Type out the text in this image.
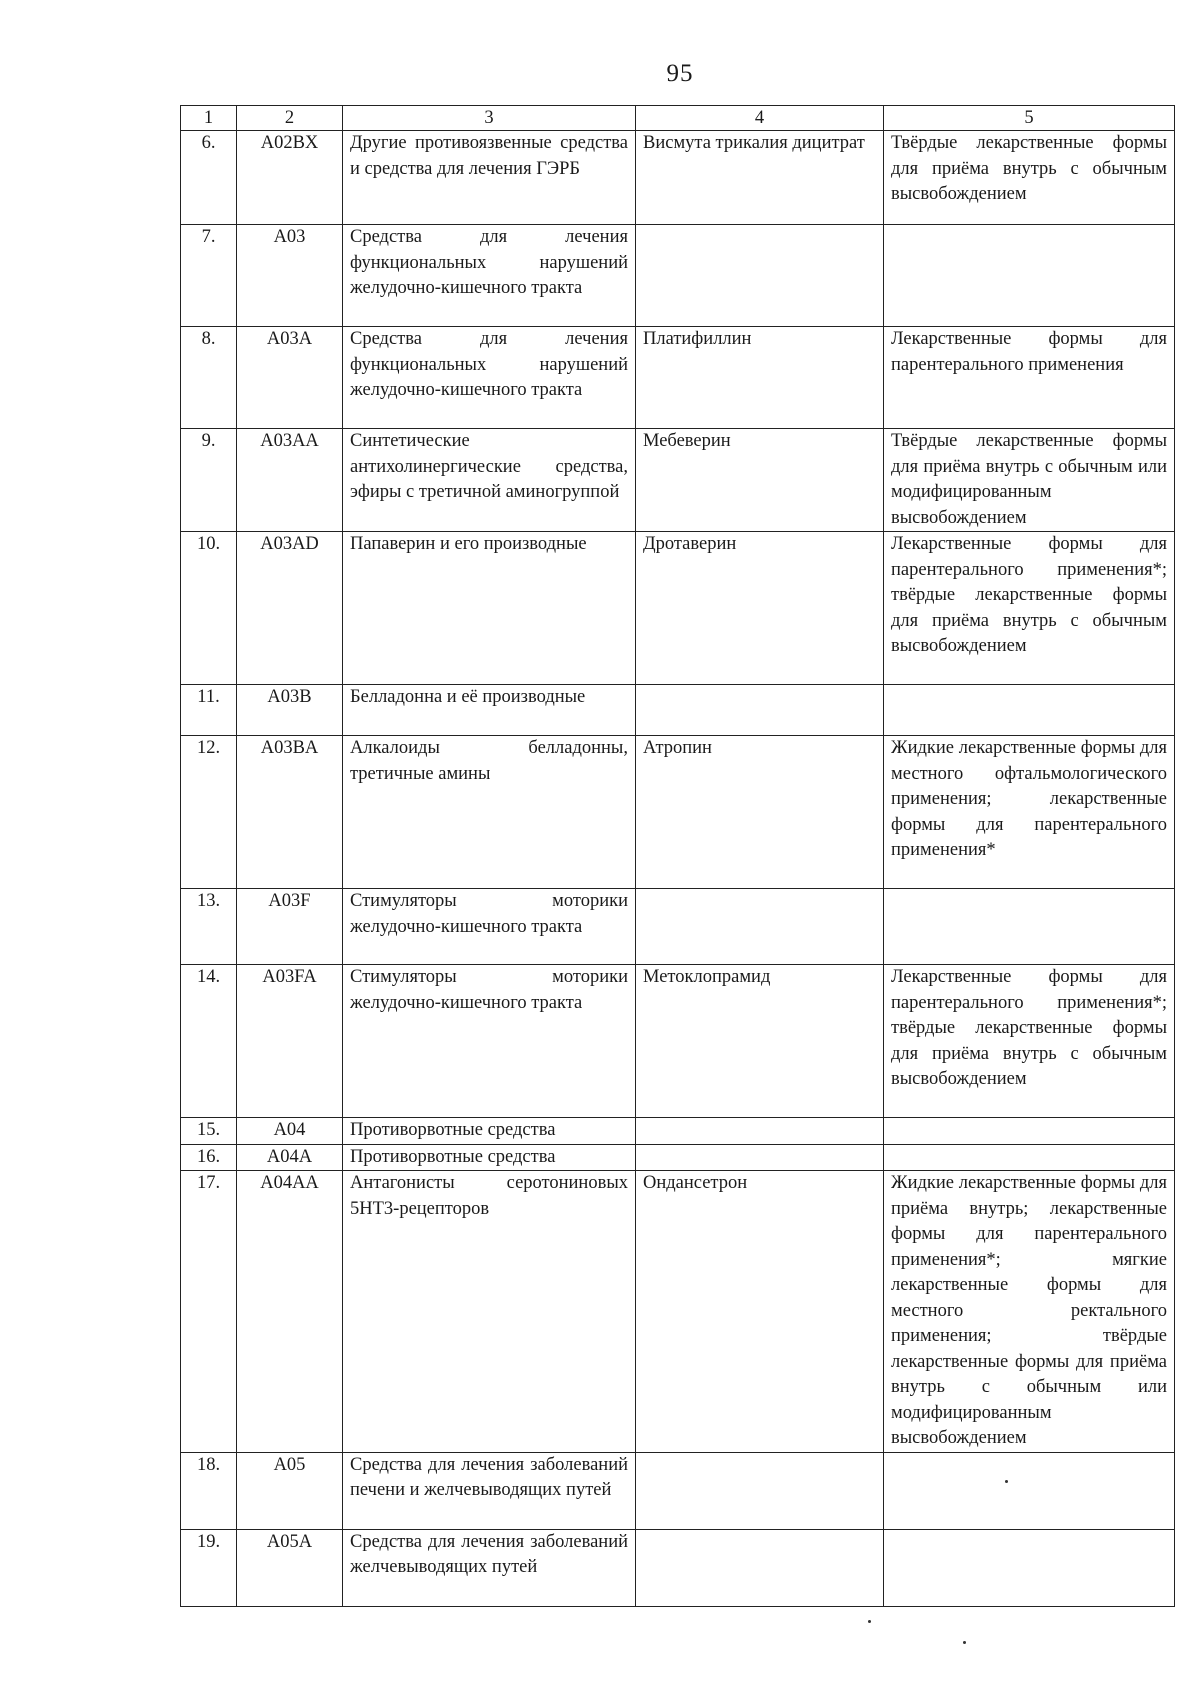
95
1	2	3	4	5
6.	A02BX	Другие противоязвенные средства и средства для лечения ГЭРБ	Висмута трикалия дицитрат	Твёрдые лекарственные формы для приёма внутрь с обычным высвобождением
7.	A03	Средства для лечения функциональных нарушений желудочно-кишечного тракта		
8.	A03A	Средства для лечения функциональных нарушений желудочно-кишечного тракта	Платифиллин	Лекарственные формы для парентерального применения
9.	A03AA	Синтетические антихолинергические средства, эфиры с третичной аминогруппой	Мебеверин	Твёрдые лекарственные формы для приёма внутрь с обычным или модифицированным высвобождением
10.	A03AD	Папаверин и его производные	Дротаверин	Лекарственные формы для парентерального применения*; твёрдые лекарственные формы для приёма внутрь с обычным высвобождением
11.	A03B	Белладонна и её производные		
12.	A03BA	Алкалоиды белладонны, третичные амины	Атропин	Жидкие лекарственные формы для местного офтальмологического применения; лекарственные формы для парентерального применения*
13.	A03F	Стимуляторы моторики желудочно-кишечного тракта		
14.	A03FA	Стимуляторы моторики желудочно-кишечного тракта	Метоклопрамид	Лекарственные формы для парентерального применения*; твёрдые лекарственные формы для приёма внутрь с обычным высвобождением
15.	A04	Противорвотные средства		
16.	A04A	Противорвотные средства		
17.	A04AA	Антагонисты серотониновых 5HT3-рецепторов	Ондансетрон	Жидкие лекарственные формы для приёма внутрь; лекарственные формы для парентерального применения*; мягкие лекарственные формы для местного ректального применения; твёрдые лекарственные формы для приёма внутрь с обычным или модифицированным высвобождением
18.	A05	Средства для лечения заболеваний печени и желчевыводящих путей		
19.	A05A	Средства для лечения заболеваний желчевыводящих путей		
